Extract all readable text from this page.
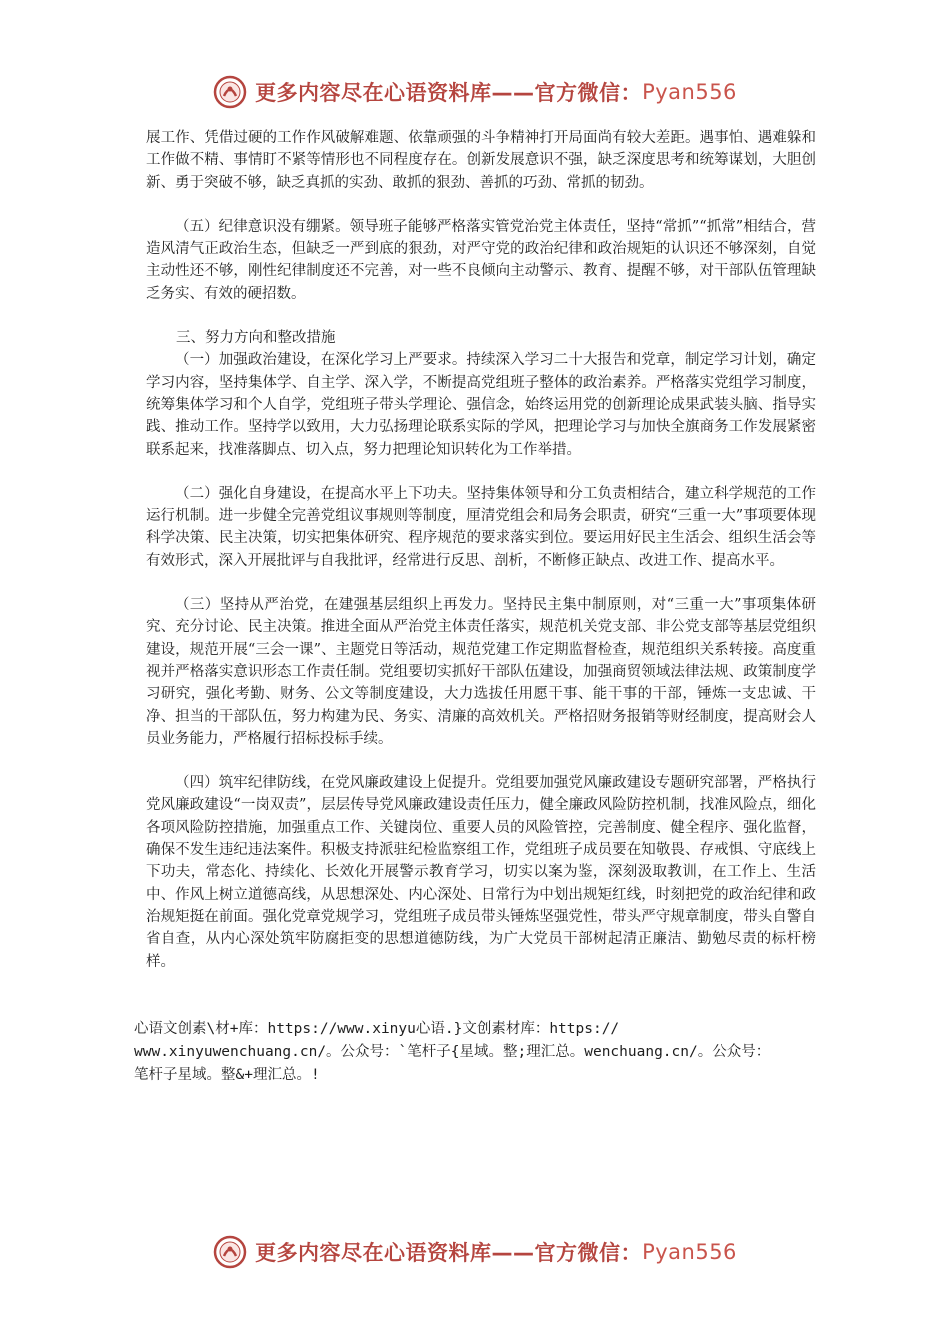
更多内容尽在心语资料库——官方微信： Pyan556

展工作、凭借过硬的工作作风破解难题、依靠顽强的斗争精神打开局面尚有较大差距。遇事怕、遇难躲和工作做不精、事情盯不紧等情形也不同程度存在。创新发展意识不强，缺乏深度思考和统筹谋划，大胆创新、勇于突破不够，缺乏真抓的实劲、敢抓的狠劲、善抓的巧劲、常抓的韧劲。

（五）纪律意识没有绷紧。领导班子能够严格落实管党治党主体责任，坚持“常抓”“抓常”相结合，营造风清气正政治生态，但缺乏一严到底的狠劲，对严守党的政治纪律和政治规矩的认识还不够深刻，自觉主动性还不够，刚性纪律制度还不完善，对一些不良倾向主动警示、教育、提醒不够，对干部队伍管理缺乏务实、有效的硬招数。

三、努力方向和整改措施

（一）加强政治建设，在深化学习上严要求。持续深入学习二十大报告和党章，制定学习计划，确定学习内容，坚持集体学、自主学、深入学，不断提高党组班子整体的政治素养。严格落实党组学习制度，统筹集体学习和个人自学，党组班子带头学理论、强信念，始终运用党的创新理论成果武装头脑、指导实践、推动工作。坚持学以致用，大力弘扬理论联系实际的学风，把理论学习与加快全旗商务工作发展紧密联系起来，找准落脚点、切入点，努力把理论知识转化为工作举措。

（二）强化自身建设，在提高水平上下功夫。坚持集体领导和分工负责相结合，建立科学规范的工作运行机制。进一步健全完善党组议事规则等制度，厘清党组会和局务会职责，研究“三重一大”事项要体现科学决策、民主决策，切实把集体研究、程序规范的要求落实到位。要运用好民主生活会、组织生活会等有效形式，深入开展批评与自我批评，经常进行反思、剖析，不断修正缺点、改进工作、提高水平。

（三）坚持从严治党，在建强基层组织上再发力。坚持民主集中制原则，对“三重一大”事项集体研究、充分讨论、民主决策。推进全面从严治党主体责任落实，规范机关党支部、非公党支部等基层党组织建设，规范开展“三会一课”、主题党日等活动，规范党建工作定期监督检查，规范组织关系转接。高度重视并严格落实意识形态工作责任制。党组要切实抓好干部队伍建设，加强商贸领域法律法规、政策制度学习研究，强化考勤、财务、公文等制度建设，大力选拔任用愿干事、能干事的干部，锤炼一支忠诚、干净、担当的干部队伍，努力构建为民、务实、清廉的高效机关。严格招财务报销等财经制度，提高财会人员业务能力，严格履行招标投标手续。

（四）筑牢纪律防线，在党风廉政建设上促提升。党组要加强党风廉政建设专题研究部署，严格执行党风廉政建设“一岗双责”，层层传导党风廉政建设责任压力，健全廉政风险防控机制，找准风险点，细化各项风险防控措施，加强重点工作、关键岗位、重要人员的风险管控，完善制度、健全程序、强化监督，确保不发生违纪违法案件。积极支持派驻纪检监察组工作，党组班子成员要在知敬畏、存戒惧、守底线上下功夫，常态化、持续化、长效化开展警示教育学习，切实以案为鉴，深刻汲取教训，在工作上、生活中、作风上树立道德高线，从思想深处、内心深处、日常行为中划出规矩红线，时刻把党的政治纪律和政治规矩挺在前面。强化党章党规学习，党组班子成员带头锤炼坚强党性，带头严守规章制度，带头自警自省自查，从内心深处筑牢防腐拒变的思想道德防线，为广大党员干部树起清正廉洁、勤勉尽责的标杆榜样。

心语文创素\材+库：https://www.xinyu心语.}文创素材库：https://
www.xinyuwenchuang.cn/。公众号：`笔杆子{星域。整;理汇总。wenchuang.cn/。公众号：
笔杆子星域。整&+理汇总。!
更多内容尽在心语资料库——官方微信： Pyan556
